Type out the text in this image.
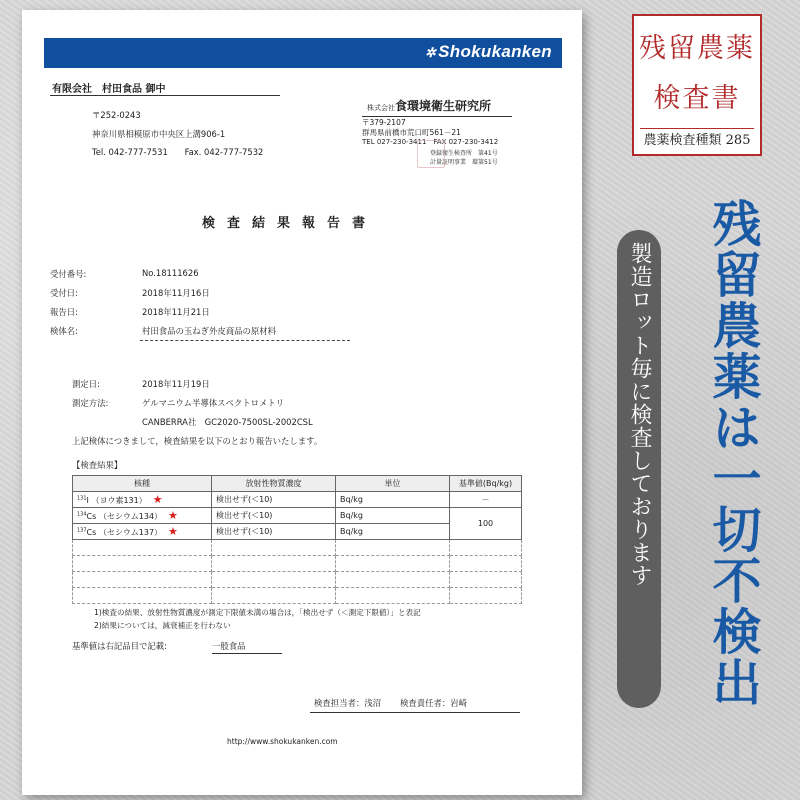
✲ Shokukanken
有限会社　村田食品 御中
〒252-0243
神奈川県相模原市中央区上溝906-1
Tel. 042-777-7531　　Fax. 042-777-7532
株式会社食環境衛生研究所
〒379-2107
群馬県前橋市荒口町561－21
TEL 027-230-3411　FAX 027-230-3412
登録衛生検査所　第41号
計量証明事業　環第51号
検査結果報告書
受付番号:	No.18111626
受付日:	2018年11月16日
報告日:	2018年11月21日
検体名:	村田食品の玉ねぎ外皮商品の原材料
測定日:	2018年11月19日
測定方法:	ゲルマニウム半導体スペクトロメトリ
CANBERRA社　GC2020-7500SL-2002CSL
上記検体につきまして，検査結果を以下のとおり報告いたします。
【検査結果】
核種	放射性物質濃度	単位	基準値(Bq/kg)
$^{131}$I （ヨウ素131） ★	検出せず(＜10)	Bq/kg	－
$^{134}$Cs （セシウム134） ★	検出せず(＜10)	Bq/kg	100
$^{137}$Cs （セシウム137） ★	検出せず(＜10)	Bq/kg	

1)検査の結果、放射性物質濃度が測定下限値未満の場合は，「検出せず（＜測定下限値）」と表記
2)結果については，減衰補正を行わない
基準値は右記品目で記載:	一般食品
検査担当者：浅沼 検査責任者：岩崎
http://www.shokukanken.com
残留農薬
検査書
農薬検査種類 285
製造ロット毎に検査しております 残留農薬は一切不検出
